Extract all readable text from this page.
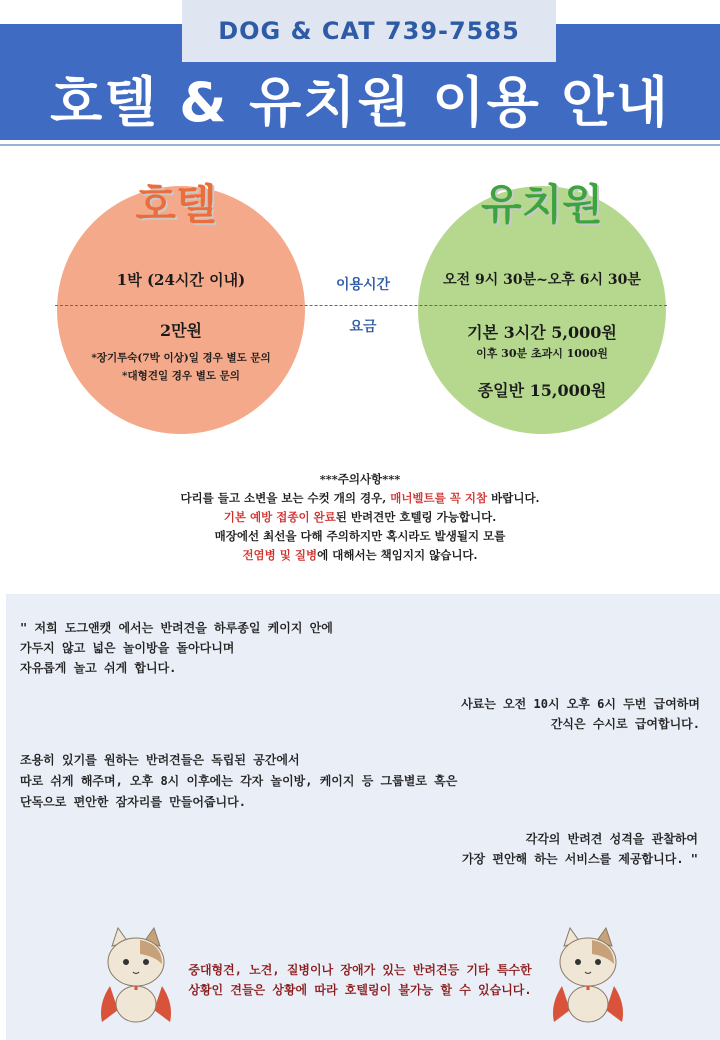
DOG & CAT 739-7585
호텔 & 유치원 이용 안내
호텔	유치원
1박 (24시간 이내)
2만원
*장기투숙(7박 이상)일 경우 별도 문의
*대형견일 경우 별도 문의
이용시간
요금
오전 9시 30분~오후 6시 30분
기본 3시간 5,000원
이후 30분 초과시 1000원
종일반 15,000원
***주의사항***
다리를 들고 소변을 보는 수컷 개의 경우, 매너벨트를 꼭 지참 바랍니다.
기본 예방 접종이 완료된 반려견만 호텔링 가능합니다.
매장에선 최선을 다해 주의하지만 혹시라도 발생될지 모를
전염병 및 질병에 대해서는 책임지지 않습니다.
" 저희 도그앤캣 에서는 반려견을 하루종일 케이지 안에
가두지 않고 넓은 놀이방을 돌아다니며
자유롭게 놀고 쉬게 합니다.
사료는 오전 10시 오후 6시 두번 급여하며
간식은 수시로 급여합니다.
조용히 있기를 원하는 반려견들은 독립된 공간에서
따로 쉬게 해주며, 오후 8시 이후에는 각자 놀이방, 케이지 등 그룹별로 혹은
단독으로 편안한 잠자리를 만들어줍니다.
각각의 반려견 성격을 관찰하여
가장 편안해 하는 서비스를 제공합니다. "
중대형견, 노견, 질병이나 장애가 있는 반려견등 기타 특수한
상황인 견들은 상황에 따라 호텔링이 불가능 할 수 있습니다.
